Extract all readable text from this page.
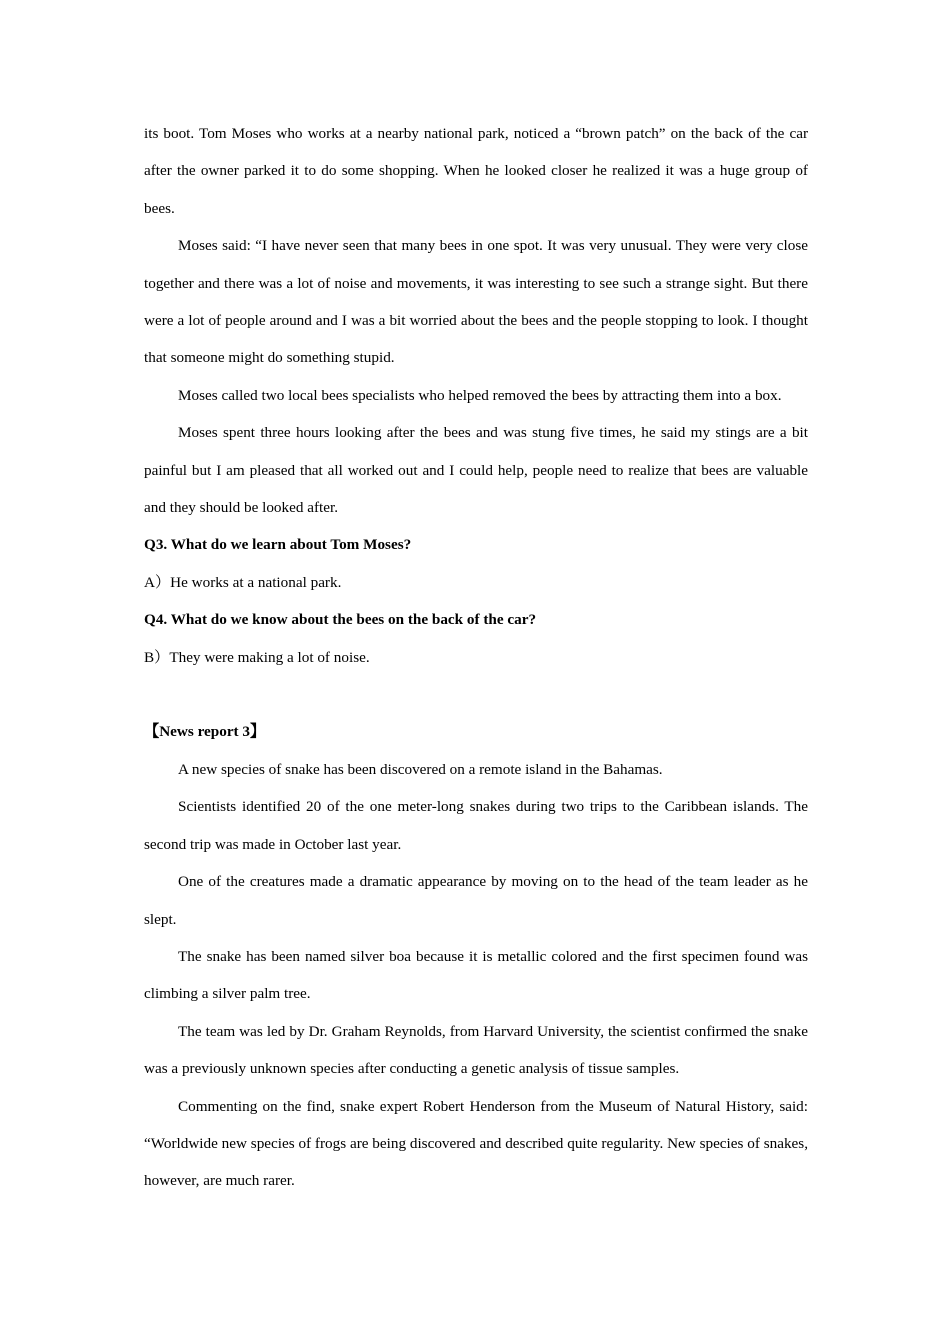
its boot. Tom Moses who works at a nearby national park, noticed a “brown patch” on the back of the car after the owner parked it to do some shopping. When he looked closer he realized it was a huge group of bees.

Moses said: “I have never seen that many bees in one spot. It was very unusual. They were very close together and there was a lot of noise and movements, it was interesting to see such a strange sight. But there were a lot of people around and I was a bit worried about the bees and the people stopping to look. I thought that someone might do something stupid.

Moses called two local bees specialists who helped removed the bees by attracting them into a box.

Moses spent three hours looking after the bees and was stung five times, he said my stings are a bit painful but I am pleased that all worked out and I could help, people need to realize that bees are valuable and they should be looked after.

Q3. What do we learn about Tom Moses?

A）He works at a national park.

Q4. What do we know about the bees on the back of the car?

B）They were making a lot of noise.

【News report 3】

A new species of snake has been discovered on a remote island in the Bahamas.

Scientists identified 20 of the one meter-long snakes during two trips to the Caribbean islands. The second trip was made in October last year.

One of the creatures made a dramatic appearance by moving on to the head of the team leader as he slept.

The snake has been named silver boa because it is metallic colored and the first specimen found was climbing a silver palm tree.

The team was led by Dr. Graham Reynolds, from Harvard University, the scientist confirmed the snake was a previously unknown species after conducting a genetic analysis of tissue samples.

Commenting on the find, snake expert Robert Henderson from the Museum of Natural History, said: “Worldwide new species of frogs are being discovered and described quite regularity. New species of snakes, however, are much rarer.
